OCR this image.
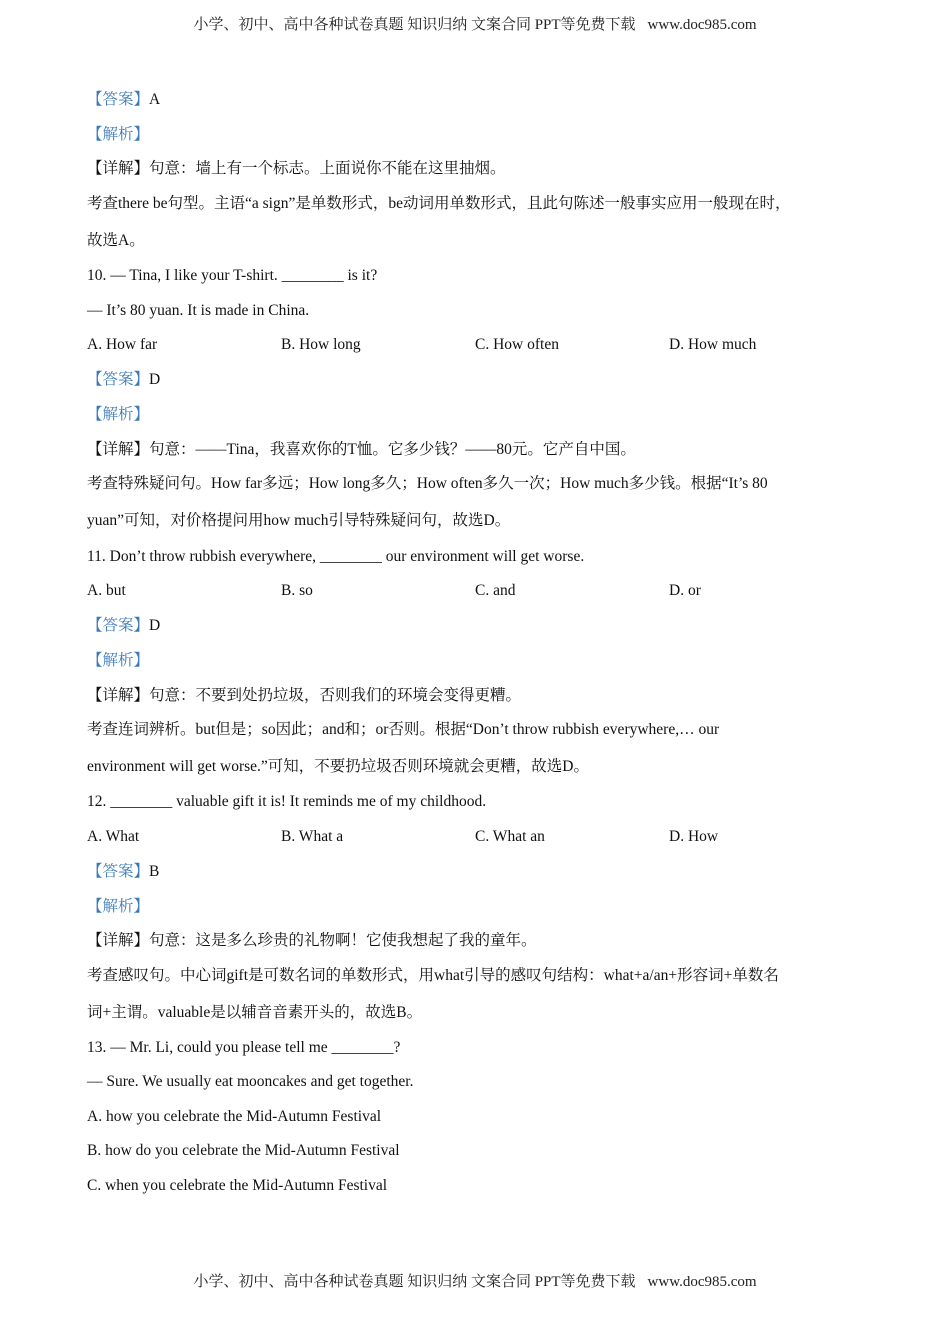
小学、初中、高中各种试卷真题 知识归纳 文案合同 PPT等免费下载 www.doc985.com
【答案】A
【解析】
【详解】句意：墙上有一个标志。上面说你不能在这里抽烟。
考查there be句型。主语“a sign”是单数形式，be动词用单数形式，且此句陈述一般事实应用一般现在时，
故选A。
10. — Tina, I like your T-shirt. ________ is it?
— It’s 80 yuan. It is made in China.
A. How far	B. How long	C. How often	D. How much
【答案】D
【解析】
【详解】句意：——Tina，我喜欢你的T恤。它多少钱？——80元。它产自中国。
考查特殊疑问句。How far多远；How long多久；How often多久一次；How much多少钱。根据“It’s 80
yuan”可知，对价格提问用how much引导特殊疑问句，故选D。
11. Don’t throw rubbish everywhere, ________ our environment will get worse.
A. but	B. so	C. and	D. or
【答案】D
【解析】
【详解】句意：不要到处扔垃圾，否则我们的环境会变得更糟。
考查连词辨析。but但是；so因此；and和；or否则。根据“Don’t throw rubbish everywhere,… our
environment will get worse.”可知，不要扔垃圾否则环境就会更糟，故选D。
12. ________ valuable gift it is! It reminds me of my childhood.
A. What	B. What a	C. What an	D. How
【答案】B
【解析】
【详解】句意：这是多么珍贵的礼物啊！它使我想起了我的童年。
考查感叹句。中心词gift是可数名词的单数形式，用what引导的感叹句结构：what+a/an+形容词+单数名
词+主谓。valuable是以辅音音素开头的，故选B。
13. — Mr. Li, could you please tell me ________?
— Sure. We usually eat mooncakes and get together.
A. how you celebrate the Mid-Autumn Festival
B. how do you celebrate the Mid-Autumn Festival
C. when you celebrate the Mid-Autumn Festival
小学、初中、高中各种试卷真题 知识归纳 文案合同 PPT等免费下载 www.doc985.com
